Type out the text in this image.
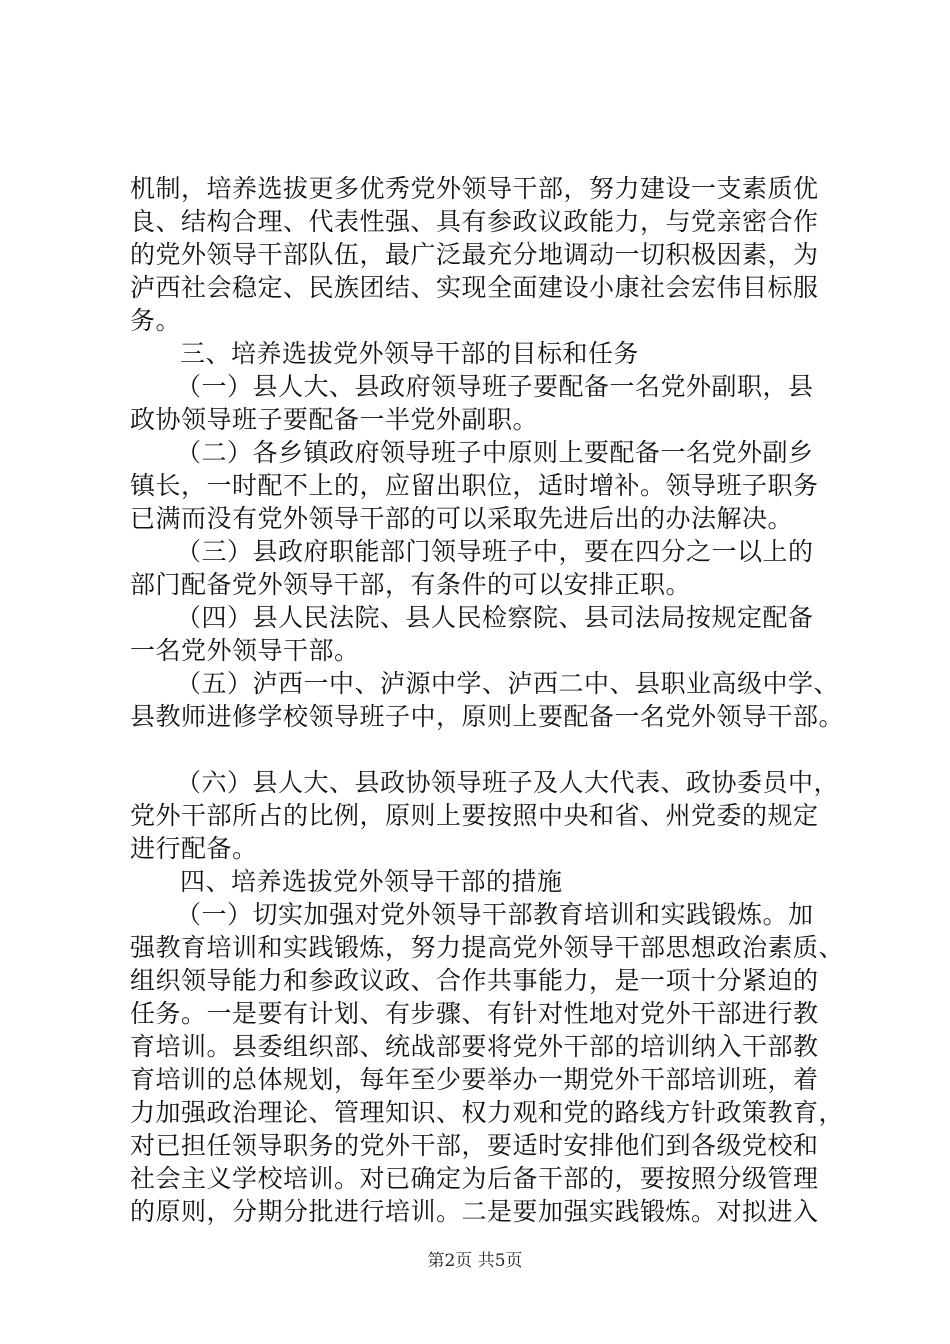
机制，培养选拔更多优秀党外领导干部，努力建设一支素质优
良、结构合理、代表性强、具有参政议政能力，与党亲密合作
的党外领导干部队伍，最广泛最充分地调动一切积极因素，为
泸西社会稳定、民族团结、实现全面建设小康社会宏伟目标服
务。
三、培养选拔党外领导干部的目标和任务
（一）县人大、县政府领导班子要配备一名党外副职，县
政协领导班子要配备一半党外副职。
（二）各乡镇政府领导班子中原则上要配备一名党外副乡
镇长，一时配不上的，应留出职位，适时增补。领导班子职务
已满而没有党外领导干部的可以采取先进后出的办法解决。
（三）县政府职能部门领导班子中，要在四分之一以上的
部门配备党外领导干部，有条件的可以安排正职。
（四）县人民法院、县人民检察院、县司法局按规定配备
一名党外领导干部。
（五）泸西一中、泸源中学、泸西二中、县职业高级中学、
县教师进修学校领导班子中，原则上要配备一名党外领导干部。
（六）县人大、县政协领导班子及人大代表、政协委员中，
党外干部所占的比例，原则上要按照中央和省、州党委的规定
进行配备。
四、培养选拔党外领导干部的措施
（一）切实加强对党外领导干部教育培训和实践锻炼。加
强教育培训和实践锻炼，努力提高党外领导干部思想政治素质、
组织领导能力和参政议政、合作共事能力，是一项十分紧迫的
任务。一是要有计划、有步骤、有针对性地对党外干部进行教
育培训。县委组织部、统战部要将党外干部的培训纳入干部教
育培训的总体规划，每年至少要举办一期党外干部培训班，着
力加强政治理论、管理知识、权力观和党的路线方针政策教育，
对已担任领导职务的党外干部，要适时安排他们到各级党校和
社会主义学校培训。对已确定为后备干部的，要按照分级管理
的原则，分期分批进行培训。二是要加强实践锻炼。对拟进入
第2页 共5页
